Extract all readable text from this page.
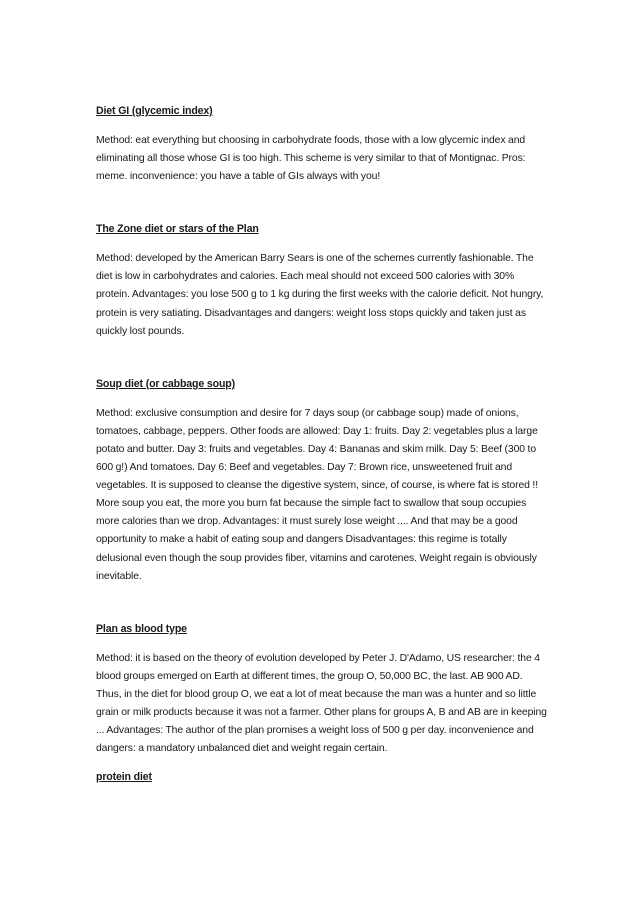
Diet GI (glycemic index)

Method: eat everything but choosing in carbohydrate foods, those with a low glycemic index and eliminating all those whose GI is too high. This scheme is very similar to that of Montignac. Pros: meme. inconvenience: you have a table of GIs always with you!

The Zone diet or stars of the Plan

Method: developed by the American Barry Sears is one of the schemes currently fashionable. The diet is low in carbohydrates and calories. Each meal should not exceed 500 calories with 30% protein. Advantages: you lose 500 g to 1 kg during the first weeks with the calorie deficit. Not hungry, protein is very satiating. Disadvantages and dangers: weight loss stops quickly and taken just as quickly lost pounds.

Soup diet (or cabbage soup)

Method: exclusive consumption and desire for 7 days soup (or cabbage soup) made of onions, tomatoes, cabbage, peppers. Other foods are allowed: Day 1: fruits. Day 2: vegetables plus a large potato and butter. Day 3: fruits and vegetables. Day 4: Bananas and skim milk. Day 5: Beef (300 to 600 g!) And tomatoes. Day 6: Beef and vegetables. Day 7: Brown rice, unsweetened fruit and vegetables. It is supposed to cleanse the digestive system, since, of course, is where fat is stored !! More soup you eat, the more you burn fat because the simple fact to swallow that soup occupies more calories than we drop. Advantages: it must surely lose weight .... And that may be a good opportunity to make a habit of eating soup and dangers Disadvantages: this regime is totally delusional even though the soup provides fiber, vitamins and carotenes. Weight regain is obviously inevitable.

Plan as blood type

Method: it is based on the theory of evolution developed by Peter J. D'Adamo, US researcher: the 4 blood groups emerged on Earth at different times, the group O, 50,000 BC, the last. AB 900 AD. Thus, in the diet for blood group O, we eat a lot of meat because the man was a hunter and so little grain or milk products because it was not a farmer. Other plans for groups A, B and AB are in keeping ... Advantages: The author of the plan promises a weight loss of 500 g per day. inconvenience and dangers: a mandatory unbalanced diet and weight regain certain.

protein diet
